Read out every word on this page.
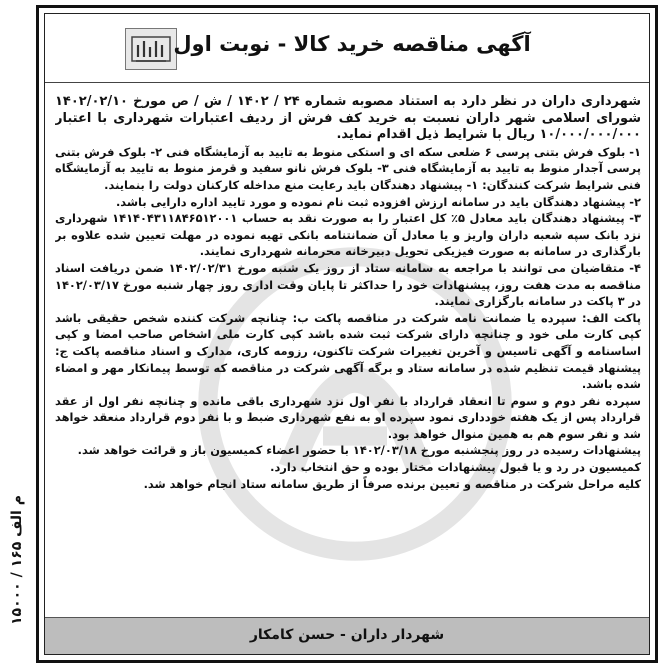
م الف ۱۶۵ / ۱۵۰۰۰
آگهی مناقصه خرید کالا - نوبت اول

شهرداری داران در نظر دارد به استناد مصوبه شماره ۲۴ / ۱۴۰۲ / ش / ص مورخ ۱۴۰۲/۰۲/۱۰ شورای اسلامی شهر داران نسبت به خرید کف فرش از ردیف اعتبارات شهرداری با اعتبار ۱۰/۰۰۰/۰۰۰/۰۰۰ ریال با شرایط ذیل اقدام نماید.

۱- بلوک فرش بتنی پرسی ۶ ضلعی سکه ای و استکی منوط به تایید به آزمایشگاه فنی ۲- بلوک فرش بتنی پرسی آجدار منوط به تایید به آزمایشگاه فنی ۳- بلوک فرش نانو سفید و قرمز منوط به تایید به آزمایشگاه فنی شرایط شرکت کنندگان: ۱- پیشنهاد دهندگان باید رعایت منع مداخله کارکنان دولت را بنمایند.

۲- پیشنهاد دهندگان باید در سامانه ارزش افزوده ثبت نام نموده و مورد تایید اداره دارایی باشد.

۳- پیشنهاد دهندگان باید معادل ۵٪ کل اعتبار را به صورت نقد به حساب ۱۴۱۴۰۴۳۱۱۸۴۶۵۱۲۰۰۱ شهرداری نزد بانک سپه شعبه داران واریز و یا معادل آن ضمانتنامه بانکی تهیه نموده در مهلت تعیین شده علاوه بر بارگذاری در سامانه به صورت فیزیکی تحویل دبیرخانه محرمانه شهرداری نمایند.

۴- متقاضیان می توانند با مراجعه به سامانه ستاد از روز یک شنبه مورخ ۱۴۰۲/۰۲/۳۱ ضمن دریافت اسناد مناقصه به مدت هفت روز، پیشنهادات خود را حداکثر تا پایان وقت اداری روز چهار شنبه مورخ ۱۴۰۲/۰۳/۱۷ در ۳ پاکت در سامانه بارگزاری نمایند.

پاکت الف: سپرده یا ضمانت نامه شرکت در مناقصه پاکت ب: چنانچه شرکت کننده شخص حقیقی باشد کپی کارت ملی خود و چنانچه دارای شرکت ثبت شده باشد کپی کارت ملی اشخاص صاحب امضا و کپی اساسنامه و آگهی تاسیس و آخرین تغییرات شرکت تاکنون، رزومه کاری، مدارک و اسناد مناقصه پاکت ج: پیشنهاد قیمت تنظیم شده در سامانه ستاد و برگه آگهی شرکت در مناقصه که توسط پیمانکار مهر و امضاء شده باشد.

سپرده نفر دوم و سوم تا انعقاد قرارداد با نفر اول نزد شهرداری باقی مانده و چنانچه نفر اول از عقد قرارداد پس از یک هفته خودداری نمود سپرده او به نفع شهرداری ضبط و با نفر دوم قرارداد منعقد خواهد شد و نفر سوم هم به همین منوال خواهد بود.

پیشنهادات رسیده در روز پنجشنبه مورخ ۱۴۰۲/۰۳/۱۸ با حضور اعضاء کمیسیون باز و قرائت خواهد شد.

کمیسیون در رد و یا قبول پیشنهادات مختار بوده و حق انتخاب دارد.

کلیه مراحل شرکت در مناقصه و تعیین برنده صرفاً از طریق سامانه ستاد انجام خواهد شد.

شهردار داران - حسن کامکار
